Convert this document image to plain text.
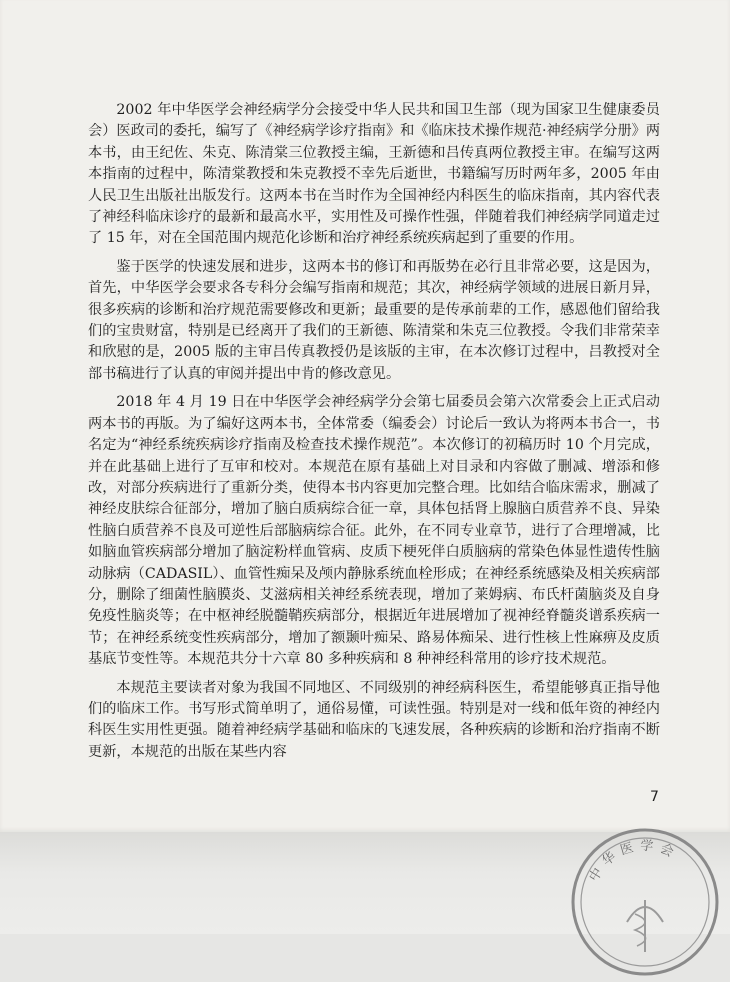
2002 年中华医学会神经病学分会接受中华人民共和国卫生部（现为国家卫生健康委员会）医政司的委托，编写了《神经病学诊疗指南》和《临床技术操作规范·神经病学分册》两本书，由王纪佐、朱克、陈清棠三位教授主编，王新德和吕传真两位教授主审。在编写这两本指南的过程中，陈清棠教授和朱克教授不幸先后逝世，书籍编写历时两年多，2005 年由人民卫生出版社出版发行。这两本书在当时作为全国神经内科医生的临床指南，其内容代表了神经科临床诊疗的最新和最高水平，实用性及可操作性强，伴随着我们神经病学同道走过了 15 年，对在全国范围内规范化诊断和治疗神经系统疾病起到了重要的作用。

鉴于医学的快速发展和进步，这两本书的修订和再版势在必行且非常必要，这是因为，首先，中华医学会要求各专科分会编写指南和规范；其次，神经病学领域的进展日新月异，很多疾病的诊断和治疗规范需要修改和更新；最重要的是传承前辈的工作，感恩他们留给我们的宝贵财富，特别是已经离开了我们的王新德、陈清棠和朱克三位教授。令我们非常荣幸和欣慰的是，2005 版的主审吕传真教授仍是该版的主审，在本次修订过程中，吕教授对全部书稿进行了认真的审阅并提出中肯的修改意见。

2018 年 4 月 19 日在中华医学会神经病学分会第七届委员会第六次常委会上正式启动两本书的再版。为了编好这两本书，全体常委（编委会）讨论后一致认为将两本书合一，书名定为“神经系统疾病诊疗指南及检查技术操作规范”。本次修订的初稿历时 10 个月完成，并在此基础上进行了互审和校对。本规范在原有基础上对目录和内容做了删减、增添和修改，对部分疾病进行了重新分类，使得本书内容更加完整合理。比如结合临床需求，删减了神经皮肤综合征部分，增加了脑白质病综合征一章，具体包括肾上腺脑白质营养不良、异染性脑白质营养不良及可逆性后部脑病综合征。此外，在不同专业章节，进行了合理增减，比如脑血管疾病部分增加了脑淀粉样血管病、皮质下梗死伴白质脑病的常染色体显性遗传性脑动脉病（CADASIL）、血管性痴呆及颅内静脉系统血栓形成；在神经系统感染及相关疾病部分，删除了细菌性脑膜炎、艾滋病相关神经系统表现，增加了莱姆病、布氏杆菌脑炎及自身免疫性脑炎等；在中枢神经脱髓鞘疾病部分，根据近年进展增加了视神经脊髓炎谱系疾病一节；在神经系统变性疾病部分，增加了额颞叶痴呆、路易体痴呆、进行性核上性麻痹及皮质基底节变性等。本规范共分十六章 80 多种疾病和 8 种神经科常用的诊疗技术规范。

本规范主要读者对象为我国不同地区、不同级别的神经病科医生，希望能够真正指导他们的临床工作。书写形式简单明了，通俗易懂，可读性强。特别是对一线和低年资的神经内科医生实用性更强。随着神经病学基础和临床的飞速发展，各种疾病的诊断和治疗指南不断更新，本规范的出版在某些内容

7
中华医学会
